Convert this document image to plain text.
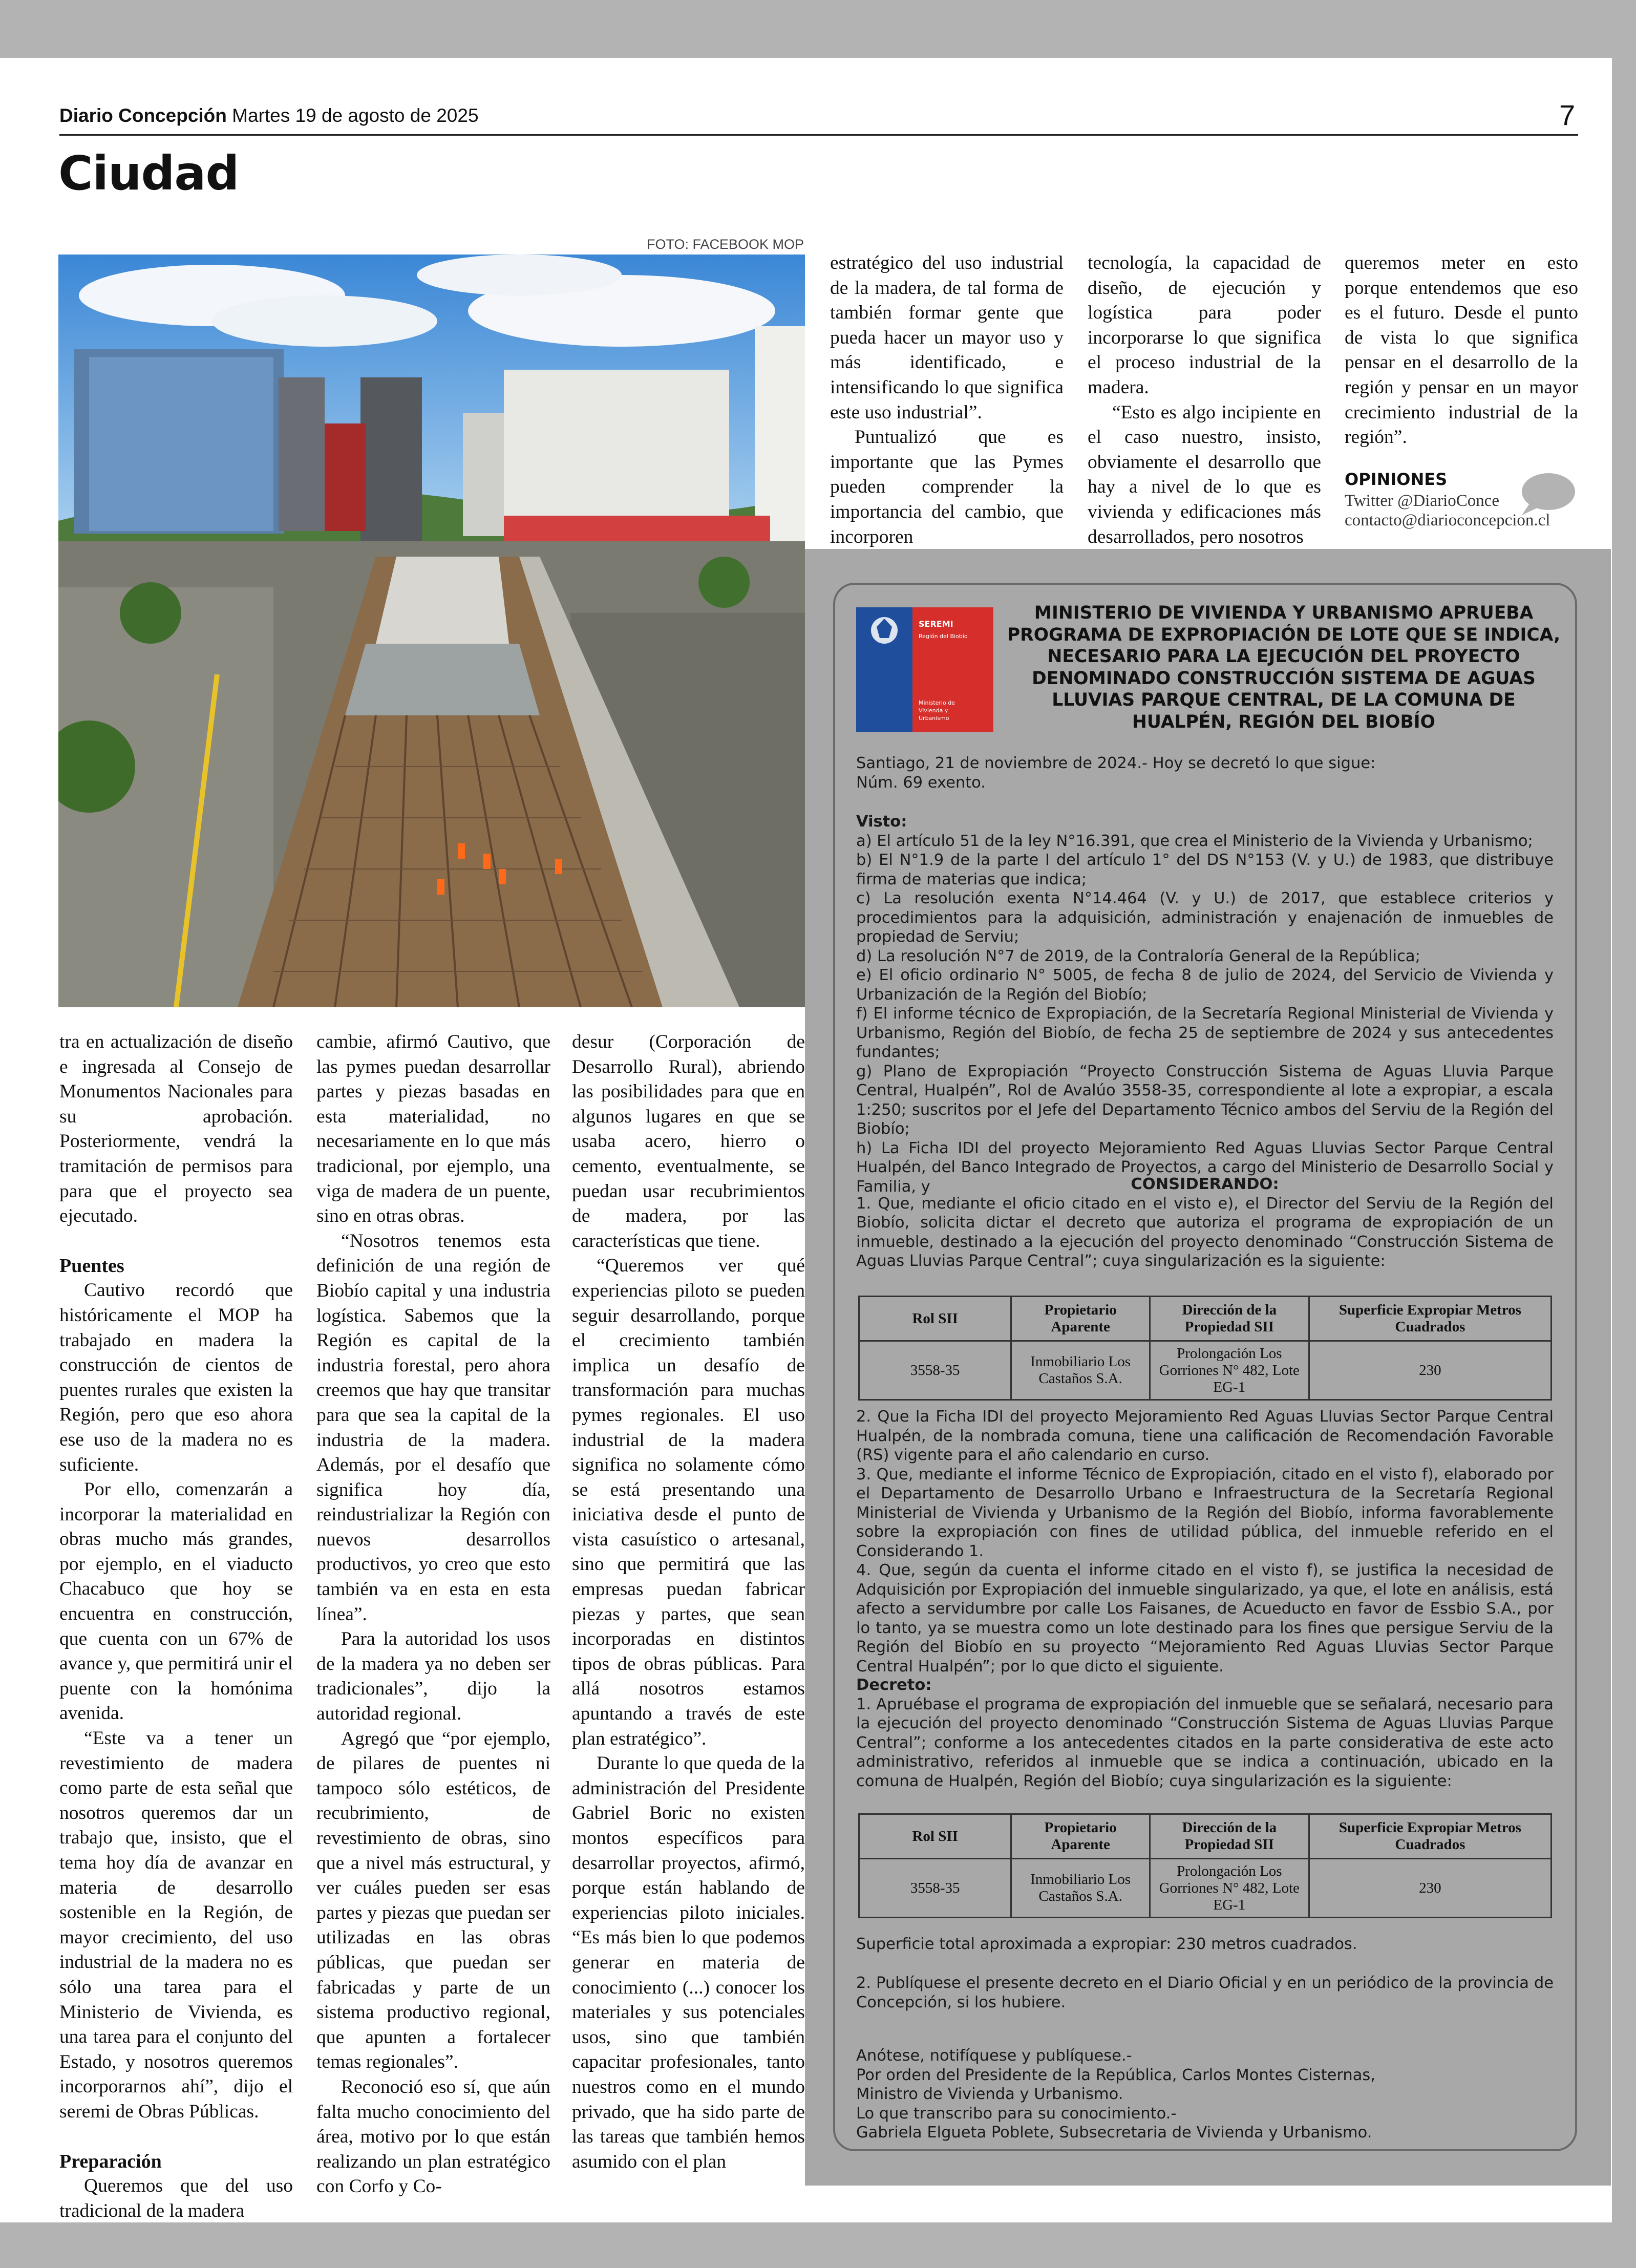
Diario Concepción Martes 19 de agosto de 2025	7
Ciudad
FOTO: FACEBOOK MOP

tra en actualización de diseño e ingresada al Consejo de Monumentos Nacionales para su aprobación. Posteriormente, vendrá la tramitación de permisos para para que el proyecto sea ejecutado.

Puentes

Cautivo recordó que históricamente el MOP ha trabajado en madera la construcción de cientos de puentes rurales que existen la Región, pero que eso ahora ese uso de la madera no es suficiente.

Por ello, comenzarán a incorporar la materialidad en obras mucho más grandes, por ejemplo, en el viaducto Chacabuco que hoy se encuentra en construcción, que cuenta con un 67% de avance y, que permitirá unir el puente con la homónima avenida.

“Este va a tener un revestimiento de madera como parte de esta señal que nosotros queremos dar un trabajo que, insisto, que el tema hoy día de avanzar en materia de desarrollo sostenible en la Región, de mayor crecimiento, del uso industrial de la madera no es sólo una tarea para el Ministerio de Vivienda, es una tarea para el conjunto del Estado, y nosotros queremos incorporarnos ahí”, dijo el seremi de Obras Públicas.

Preparación

Queremos que del uso tradicional de la madera

cambie, afirmó Cautivo, que las pymes puedan desarrollar partes y piezas basadas en esta materialidad, no necesariamente en lo que más tradicional, por ejemplo, una viga de madera de un puente, sino en otras obras.

“Nosotros tenemos esta definición de una región de Biobío capital y una industria logística. Sabemos que la Región es capital de la industria forestal, pero ahora creemos que hay que transitar para que sea la capital de la industria de la madera. Además, por el desafío que significa hoy día, reindustrializar la Región con nuevos desarrollos productivos, yo creo que esto también va en esta en esta línea”.

Para la autoridad los usos de la madera ya no deben ser tradicionales”, dijo la autoridad regional.

Agregó que “por ejemplo, de pilares de puentes ni tampoco sólo estéticos, de recubrimiento, de revestimiento de obras, sino que a nivel más estructural, y ver cuáles pueden ser esas partes y piezas que puedan ser utilizadas en las obras públicas, que puedan ser fabricadas y parte de un sistema productivo regional, que apunten a fortalecer temas regionales”.

Reconoció eso sí, que aún falta mucho conocimiento del área, motivo por lo que están realizando un plan estratégico con Corfo y Co-

desur (Corporación de Desarrollo Rural), abriendo las posibilidades para que en algunos lugares en que se usaba acero, hierro o cemento, eventualmente, se puedan usar recubrimientos de madera, por las características que tiene.

“Queremos ver qué experiencias piloto se pueden seguir desarrollando, porque el crecimiento también implica un desafío de transformación para muchas pymes regionales. El uso industrial de la madera significa no solamente cómo se está presentando una iniciativa desde el punto de vista casuístico o artesanal, sino que permitirá que las empresas puedan fabricar piezas y partes, que sean incorporadas en distintos tipos de obras públicas. Para allá nosotros estamos apuntando a través de este plan estratégico”.

Durante lo que queda de la administración del Presidente Gabriel Boric no existen montos específicos para desarrollar proyectos, afirmó, porque están hablando de experiencias piloto iniciales. “Es más bien lo que podemos generar en materia de conocimiento (...) conocer los materiales y sus potenciales usos, sino que también capacitar profesionales, tanto nuestros como en el mundo privado, que ha sido parte de las tareas que también hemos asumido con el plan

estratégico del uso industrial de la madera, de tal forma de también formar gente que pueda hacer un mayor uso y más identificado, e intensificando lo que significa este uso industrial”.

Puntualizó que es importante que las Pymes pueden comprender la importancia del cambio, que incorporen

tecnología, la capacidad de diseño, de ejecución y logística para poder incorporarse lo que significa el proceso industrial de la madera.

“Esto es algo incipiente en el caso nuestro, insisto, obviamente el desarrollo que hay a nivel de lo que es vivienda y edificaciones más desarrollados, pero nosotros

queremos meter en esto porque entendemos que eso es el futuro. Desde el punto de vista lo que significa pensar en el desarrollo de la región y pensar en un mayor crecimiento industrial de la región”.

OPINIONES
Twitter @DiarioConce
contacto@diarioconcepcion.cl
SEREMI
Región del Biobío
Ministerio de
Vivienda y
Urbanismo
MINISTERIO DE VIVIENDA Y URBANISMO APRUEBA PROGRAMA DE EXPROPIACIÓN DE LOTE QUE SE INDICA, NECESARIO PARA LA EJECUCIÓN DEL PROYECTO DENOMINADO CONSTRUCCIÓN SISTEMA DE AGUAS LLUVIAS PARQUE CENTRAL, DE LA COMUNA DE HUALPÉN, REGIÓN DEL BIOBÍO

Santiago, 21 de noviembre de 2024.- Hoy se decretó lo que sigue:

Núm. 69 exento.

Visto:

a) El artículo 51 de la ley N°16.391, que crea el Ministerio de la Vivienda y Urbanismo;

b) El N°1.9 de la parte I del artículo 1° del DS N°153 (V. y U.) de 1983, que distribuye firma de materias que indica;

c) La resolución exenta N°14.464 (V. y U.) de 2017, que establece criterios y procedimientos para la adquisición, administración y enajenación de inmuebles de propiedad de Serviu;

d) La resolución N°7 de 2019, de la Contraloría General de la República;

e) El oficio ordinario N° 5005, de fecha 8 de julio de 2024, del Servicio de Vivienda y Urbanización de la Región del Biobío;

f) El informe técnico de Expropiación, de la Secretaría Regional Ministerial de Vivienda y Urbanismo, Región del Biobío, de fecha 25 de septiembre de 2024 y sus antecedentes fundantes;

g) Plano de Expropiación “Proyecto Construcción Sistema de Aguas Lluvia Parque Central, Hualpén”, Rol de Avalúo 3558-35, correspondiente al lote a expropiar, a escala 1:250; suscritos por el Jefe del Departamento Técnico ambos del Serviu de la Región del Biobío;

h) La Ficha IDI del proyecto Mejoramiento Red Aguas Lluvias Sector Parque Central Hualpén, del Banco Integrado de Proyectos, a cargo del Ministerio de Desarrollo Social y Familia, y	CONSIDERANDO:

1. Que, mediante el oficio citado en el visto e), el Director del Serviu de la Región del Biobío, solicita dictar el decreto que autoriza el programa de expropiación de un inmueble, destinado a la ejecución del proyecto denominado “Construcción Sistema de Aguas Lluvias Parque Central”; cuya singularización es la siguiente:

Rol SII	Propietario Aparente	Dirección de la Propiedad SII	Superficie Expropiar Metros Cuadrados
3558-35	Inmobiliario Los Castaños S.A.	Prolongación Los Gorriones N° 482, Lote EG-1	230

2. Que la Ficha IDI del proyecto Mejoramiento Red Aguas Lluvias Sector Parque Central Hualpén, de la nombrada comuna, tiene una calificación de Recomendación Favorable (RS) vigente para el año calendario en curso.

3. Que, mediante el informe Técnico de Expropiación, citado en el visto f), elaborado por el Departamento de Desarrollo Urbano e Infraestructura de la Secretaría Regional Ministerial de Vivienda y Urbanismo de la Región del Biobío, informa favorablemente sobre la expropiación con fines de utilidad pública, del inmueble referido en el Considerando 1.

4. Que, según da cuenta el informe citado en el visto f), se justifica la necesidad de Adquisición por Expropiación del inmueble singularizado, ya que, el lote en análisis, está afecto a servidumbre por calle Los Faisanes, de Acueducto en favor de Essbio S.A., por lo tanto, ya se muestra como un lote destinado para los fines que persigue Serviu de la Región del Biobío en su proyecto “Mejoramiento Red Aguas Lluvias Sector Parque Central Hualpén”; por lo que dicto el siguiente.

Decreto:

1. Apruébase el programa de expropiación del inmueble que se señalará, necesario para la ejecución del proyecto denominado “Construcción Sistema de Aguas Lluvias Parque Central”; conforme a los antecedentes citados en la parte considerativa de este acto administrativo, referidos al inmueble que se indica a continuación, ubicado en la comuna de Hualpén, Región del Biobío; cuya singularización es la siguiente:

Rol SII	Propietario Aparente	Dirección de la Propiedad SII	Superficie Expropiar Metros Cuadrados
3558-35	Inmobiliario Los Castaños S.A.	Prolongación Los Gorriones N° 482, Lote EG-1	230
Superficie total aproximada a expropiar: 230 metros cuadrados.
2. Publíquese el presente decreto en el Diario Oficial y en un periódico de la provincia de Concepción, si los hubiere.

Anótese, notifíquese y publíquese.-

Por orden del Presidente de la República, Carlos Montes Cisternas,

Ministro de Vivienda y Urbanismo.

Lo que transcribo para su conocimiento.-

Gabriela Elgueta Poblete, Subsecretaria de Vivienda y Urbanismo.
